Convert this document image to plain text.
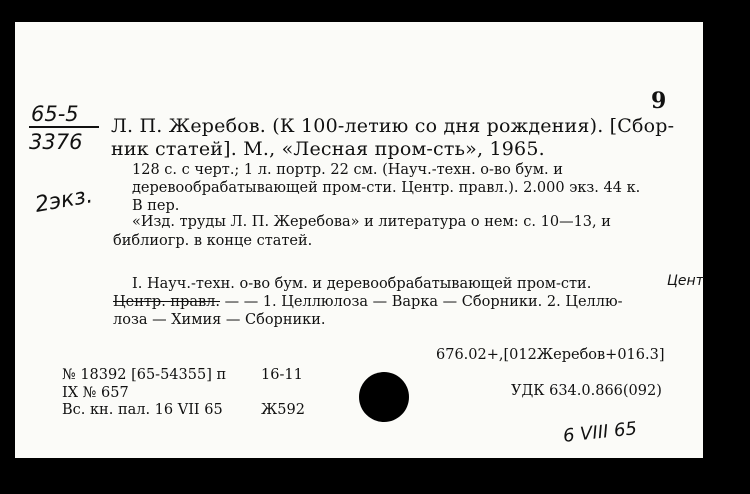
65-5
3376
2экз.
9
Л. П. Жеребов. (К 100-летию со дня рождения). [Сбор-
ник статей]. М., «Лесная пром-сть», 1965.
128 с. с черт.; 1 л. портр. 22 см. (Науч.-техн. о-во бум. и
деревообрабатывающей пром-сти. Центр. правл.). 2.000 экз. 44 к.
В пер.
«Изд. труды Л. П. Жеребова» и литература о нем: с. 10—13, и
библиогр. в конце статей.
I. Науч.-техн. о-во бум. и деревообрабатывающей пром-сти.	Цент
Центр. правл. — — 1. Целлюлоза — Варка — Сборники. 2. Целлю-
лоза — Химия — Сборники.
676.02+,[012Жеребов+016.3]
№ 18392 [65-54355] п 16-11
IX № 657
Вс. кн. пал. 16 VII 65	Ж592
УДК 634.0.866(092)
6 VIII 65
